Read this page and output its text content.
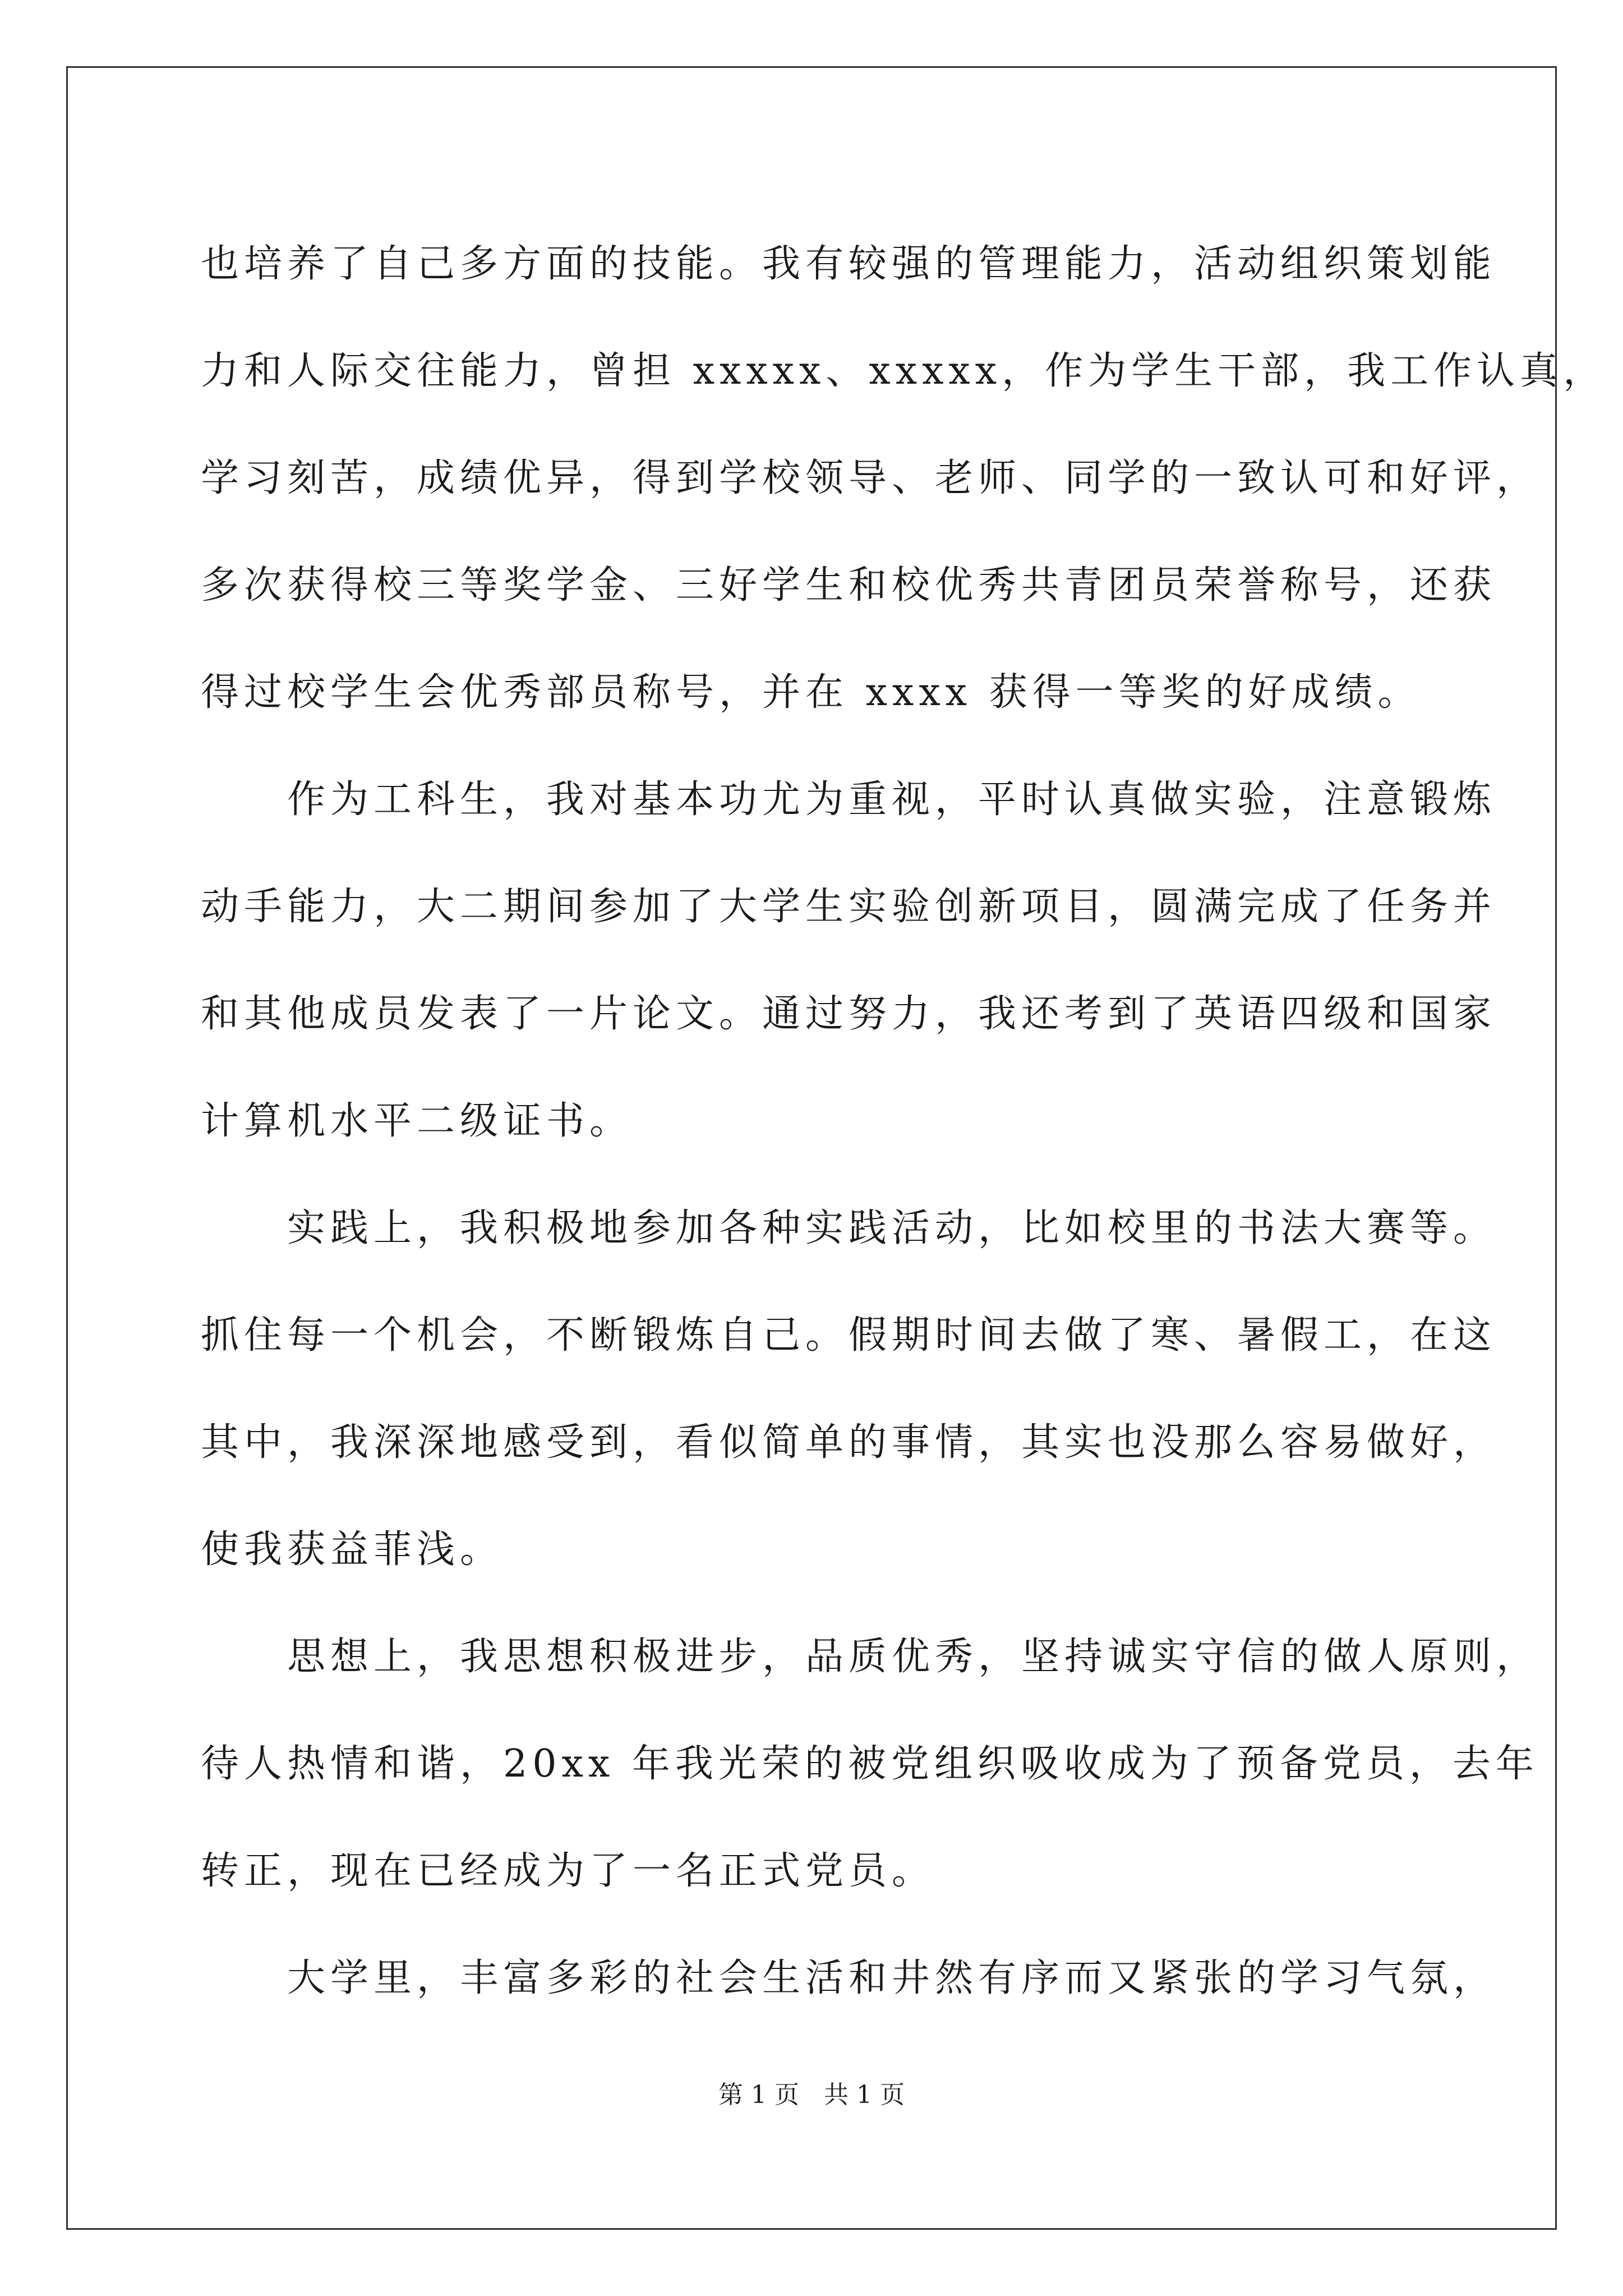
也培养了自己多方面的技能。我有较强的管理能力，活动组织策划能

力和人际交往能力，曾担 xxxxx、xxxxx，作为学生干部，我工作认真，

学习刻苦，成绩优异，得到学校领导、老师、同学的一致认可和好评，

多次获得校三等奖学金、三好学生和校优秀共青团员荣誉称号，还获

得过校学生会优秀部员称号，并在 xxxx 获得一等奖的好成绩。

　　作为工科生，我对基本功尤为重视，平时认真做实验，注意锻炼

动手能力，大二期间参加了大学生实验创新项目，圆满完成了任务并

和其他成员发表了一片论文。通过努力，我还考到了英语四级和国家

计算机水平二级证书。

　　实践上，我积极地参加各种实践活动，比如校里的书法大赛等。

抓住每一个机会，不断锻炼自己。假期时间去做了寒、暑假工，在这

其中，我深深地感受到，看似简单的事情，其实也没那么容易做好，

使我获益菲浅。

　　思想上，我思想积极进步，品质优秀，坚持诚实守信的做人原则，

待人热情和谐，20xx 年我光荣的被党组织吸收成为了预备党员，去年

转正，现在已经成为了一名正式党员。

　　大学里，丰富多彩的社会生活和井然有序而又紧张的学习气氛，

第 1 页　共 1 页
